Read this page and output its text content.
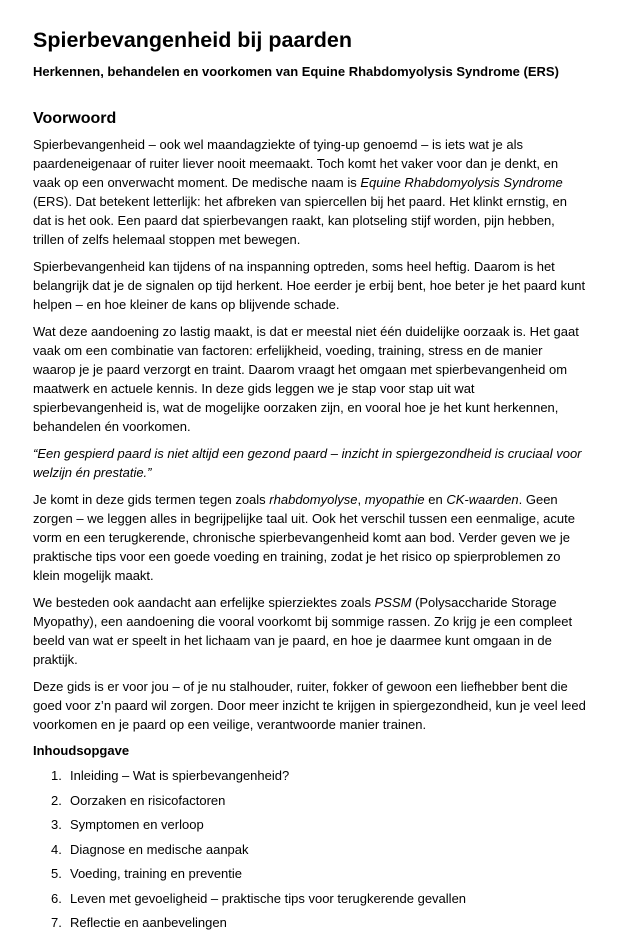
Spierbevangenheid bij paarden
Herkennen, behandelen en voorkomen van Equine Rhabdomyolysis Syndrome (ERS)
Voorwoord

Spierbevangenheid – ook wel maandagziekte of tying-up genoemd – is iets wat je als paardeneigenaar of ruiter liever nooit meemaakt. Toch komt het vaker voor dan je denkt, en vaak op een onverwacht moment. De medische naam is Equine Rhabdomyolysis Syndrome (ERS). Dat betekent letterlijk: het afbreken van spiercellen bij het paard. Het klinkt ernstig, en dat is het ook. Een paard dat spierbevangen raakt, kan plotseling stijf worden, pijn hebben, trillen of zelfs helemaal stoppen met bewegen.

Spierbevangenheid kan tijdens of na inspanning optreden, soms heel heftig. Daarom is het belangrijk dat je de signalen op tijd herkent. Hoe eerder je erbij bent, hoe beter je het paard kunt helpen – en hoe kleiner de kans op blijvende schade.

Wat deze aandoening zo lastig maakt, is dat er meestal niet één duidelijke oorzaak is. Het gaat vaak om een combinatie van factoren: erfelijkheid, voeding, training, stress en de manier waarop je je paard verzorgt en traint. Daarom vraagt het omgaan met spierbevangenheid om maatwerk en actuele kennis. In deze gids leggen we je stap voor stap uit wat spierbevangenheid is, wat de mogelijke oorzaken zijn, en vooral hoe je het kunt herkennen, behandelen én voorkomen.

“Een gespierd paard is niet altijd een gezond paard – inzicht in spiergezondheid is cruciaal voor welzijn én prestatie.”

Je komt in deze gids termen tegen zoals rhabdomyolyse, myopathie en CK-waarden. Geen zorgen – we leggen alles in begrijpelijke taal uit. Ook het verschil tussen een eenmalige, acute vorm en een terugkerende, chronische spierbevangenheid komt aan bod. Verder geven we je praktische tips voor een goede voeding en training, zodat je het risico op spierproblemen zo klein mogelijk maakt.

We besteden ook aandacht aan erfelijke spierziektes zoals PSSM (Polysaccharide Storage Myopathy), een aandoening die vooral voorkomt bij sommige rassen. Zo krijg je een compleet beeld van wat er speelt in het lichaam van je paard, en hoe je daarmee kunt omgaan in de praktijk.

Deze gids is er voor jou – of je nu stalhouder, ruiter, fokker of gewoon een liefhebber bent die goed voor z’n paard wil zorgen. Door meer inzicht te krijgen in spiergezondheid, kun je veel leed voorkomen en je paard op een veilige, verantwoorde manier trainen.

Inhoudsopgave
1. Inleiding – Wat is spierbevangenheid?
2. Oorzaken en risicofactoren
3. Symptomen en verloop
4. Diagnose en medische aanpak
5. Voeding, training en preventie
6. Leven met gevoeligheid – praktische tips voor terugkerende gevallen
7. Reflectie en aanbevelingen
